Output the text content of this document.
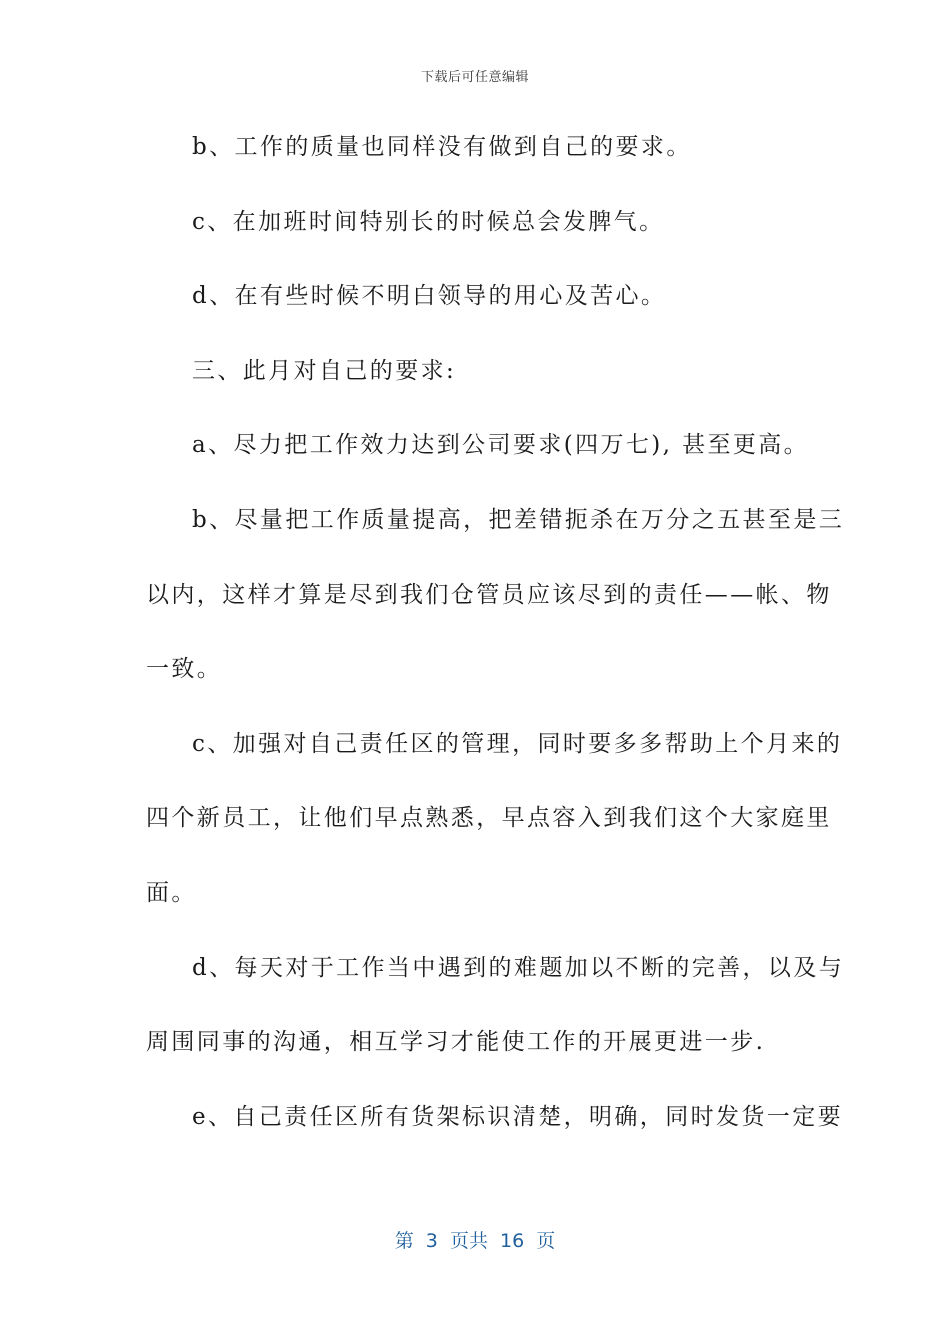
下载后可任意编辑
b、工作的质量也同样没有做到自己的要求。
c、在加班时间特别长的时候总会发脾气。
d、在有些时候不明白领导的用心及苦心。
三、此月对自己的要求:
a、尽力把工作效力达到公司要求(四万七), 甚至更高。
b、尽量把工作质量提高，把差错扼杀在万分之五甚至是三
以内，这样才算是尽到我们仓管员应该尽到的责任——帐、物
一致。
c、加强对自己责任区的管理，同时要多多帮助上个月来的
四个新员工，让他们早点熟悉，早点容入到我们这个大家庭里
面。
d、每天对于工作当中遇到的难题加以不断的完善，以及与
周围同事的沟通，相互学习才能使工作的开展更进一步.
e、自己责任区所有货架标识清楚，明确，同时发货一定要
第  3  页共  16  页
